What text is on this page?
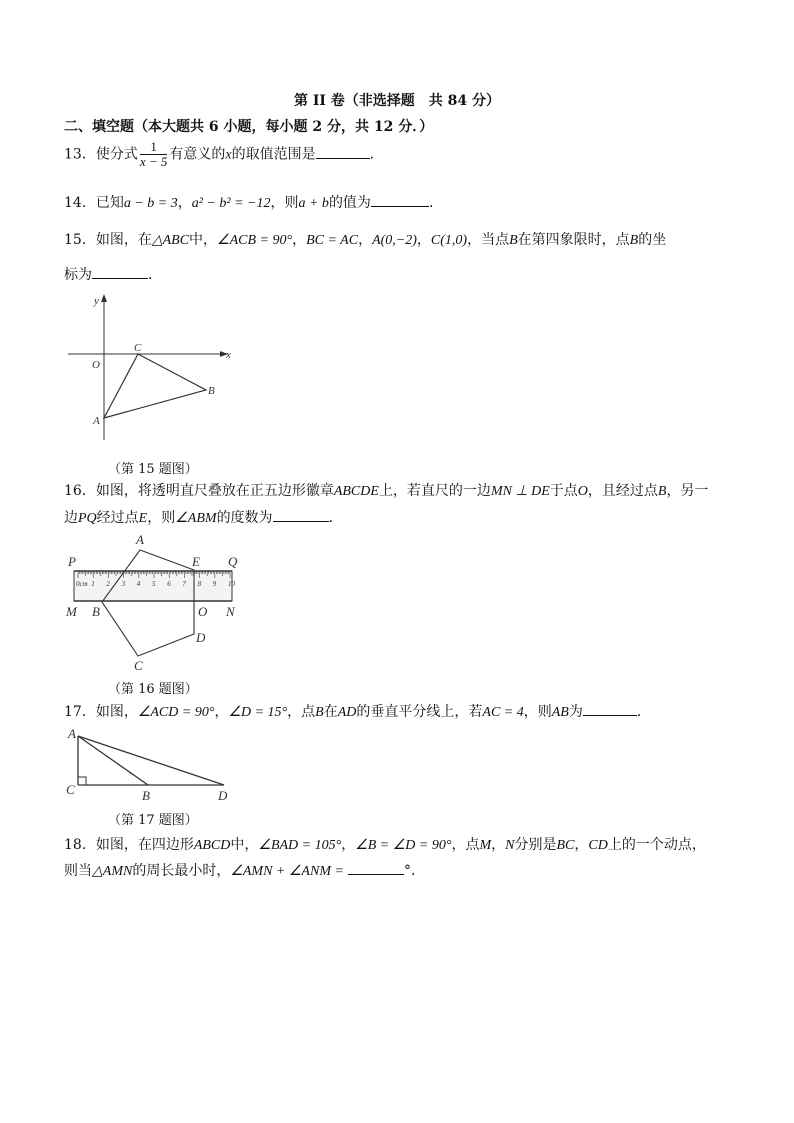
第 II 卷（非选择题　共 84 分）
二、填空题（本大题共 6 小题，每小题 2 分，共 12 分．）
13．使分式 $\frac{1}{x - 5}$ 有意义的x的取值范围是	．
14．已知a − b = 3，a² − b² = −12，则a + b的值为	．
15．如图，在△ABC中，∠ACB = 90°，BC = AC，A(0,−2)，C(1,0)，当点B在第四象限时，点B的坐
标为	．
y
x
O
C
A
B
（第 15 题图）
16．如图，将透明直尺叠放在正五边形徽章ABCDE上，若直尺的一边MN ⊥ DE于点O，且经过点B，另一
边PQ经过点E，则∠ABM的度数为	．
0cm 1 2 3 4 5 6 7 8 9 10
P	Q
M	N
A
E
B	O
D
C
（第 16 题图）
17．如图，∠ACD = 90°，∠D = 15°，点B在AD的垂直平分线上，若AC = 4，则AB为	．
A
C	B	D
（第 17 题图）
18．如图，在四边形ABCD中，∠BAD = 105°，∠B = ∠D = 90°，点M，N分别是BC，CD上的一个动点，
则当△AMN的周长最小时，∠AMN + ∠ANM =	°．
